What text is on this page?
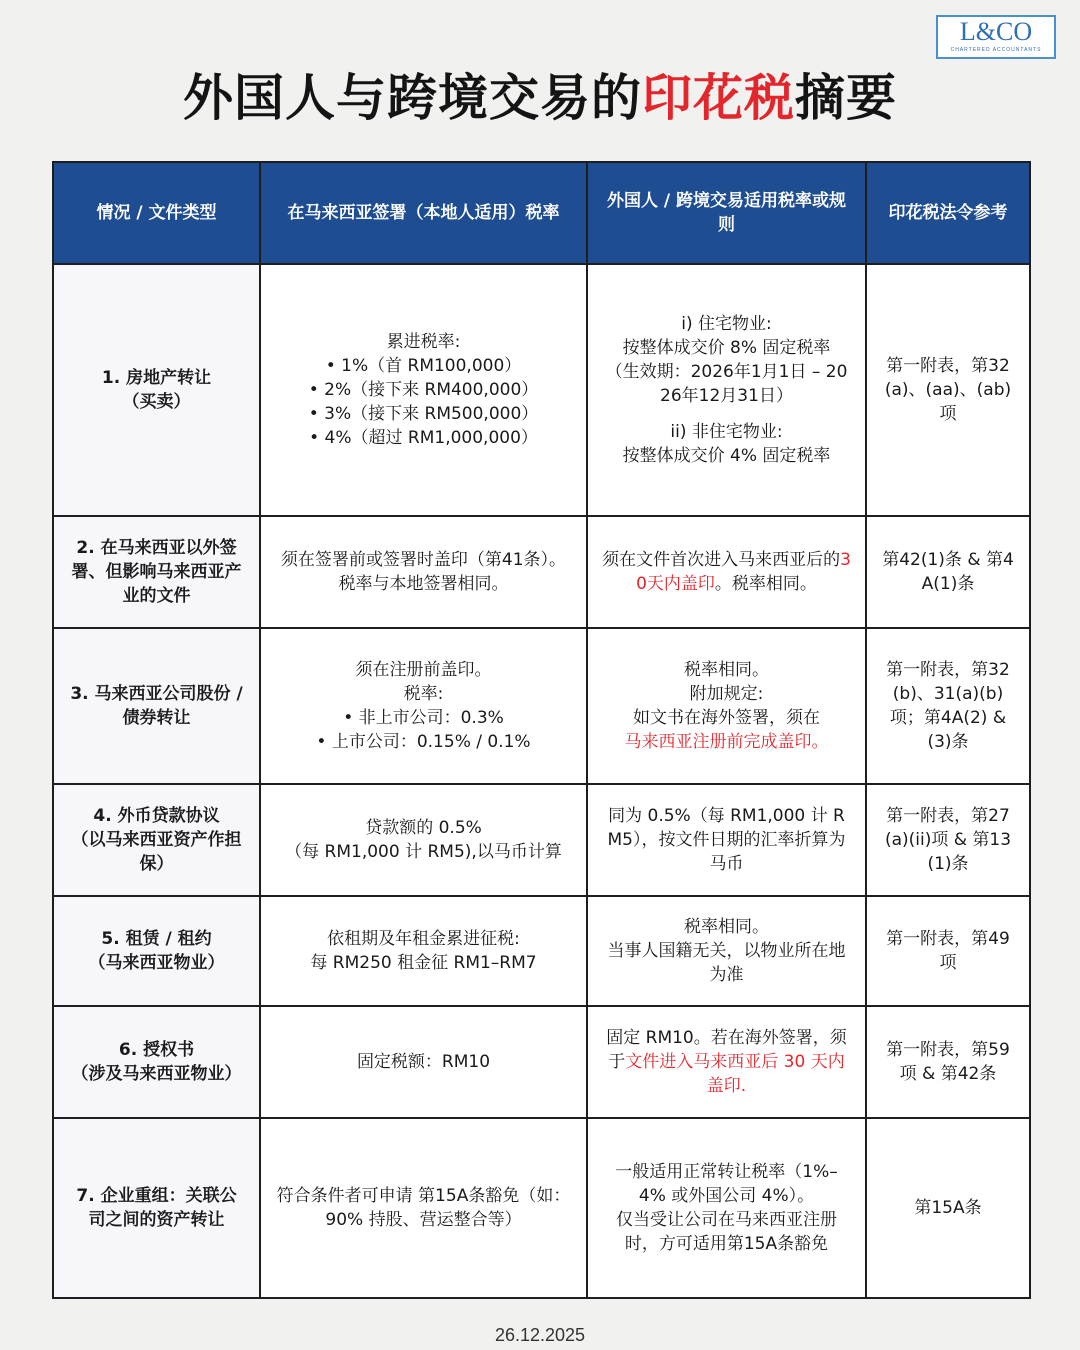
L&CO
CHARTERED ACCOUNTANTS
外国人与跨境交易的印花税摘要
情况 / 文件类型	在马来西亚签署（本地人适用）税率	外国人 / 跨境交易适用税率或规则	印花税法令参考

1. 房地产转让
（买卖）	累进税率:
• 1%（首 RM100,000）
• 2%（接下来 RM400,000）
• 3%（接下来 RM500,000）
• 4%（超过 RM1,000,000）	i) 住宅物业:
按整体成交价 8% 固定税率
（生效期：2026年1月1日 – 2026年12月31日）
ii) 非住宅物业:
按整体成交价 4% 固定税率	第一附表，第32(a)、(aa)、(ab)项
2. 在马来西亚以外签署、但影响马来西亚产业的文件	须在签署前或签署时盖印（第41条）。税率与本地签署相同。	须在文件首次进入马来西亚后的30天内盖印。税率相同。	第42(1)条 & 第4A(1)条
3. 马来西亚公司股份 / 债券转让	须在注册前盖印。
税率:
• 非上市公司：0.3%
• 上市公司：0.15% / 0.1%	税率相同。
附加规定:
如文书在海外签署，须在
马来西亚注册前完成盖印。	第一附表，第32(b)、31(a)(b)项；第4A(2) & (3)条

4. 外币贷款协议
（以马来西亚资产作担保）	贷款额的 0.5%
（每 RM1,000 计 RM5),以马币计算	同为 0.5%（每 RM1,000 计 RM5），按文件日期的汇率折算为马币	第一附表，第27(a)(ii)项 & 第13(1)条

5. 租赁 / 租约
（马来西亚物业）	依租期及年租金累进征税:
每 RM250 租金征 RM1–RM7	税率相同。
当事人国籍无关，以物业所在地为准	第一附表，第49项

6. 授权书
（涉及马来西亚物业）	固定税额：RM10	固定 RM10。若在海外签署，须于文件进入马来西亚后 30 天内盖印.	第一附表，第59项 & 第42条
7. 企业重组：关联公司之间的资产转让	符合条件者可申请 第15A条豁免（如：90% 持股、营运整合等）	一般适用正常转让税率（1%–4% 或外国公司 4%）。
仅当受让公司在马来西亚注册时，方可适用第15A条豁免	第15A条
26.12.2025
